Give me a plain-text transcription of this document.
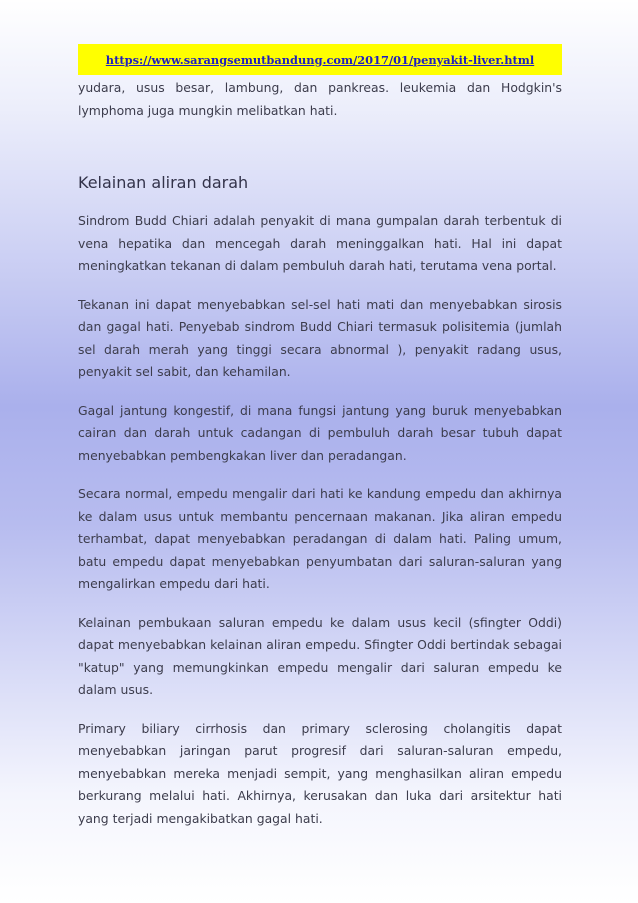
https://www.sarangsemutbandung.com/2017/01/penyakit-liver.html

yudara, usus besar, lambung, dan pankreas. leukemia dan Hodgkin's lymphoma juga mungkin melibatkan hati.

Kelainan aliran darah

Sindrom Budd Chiari adalah penyakit di mana gumpalan darah terbentuk di vena hepatika dan mencegah darah meninggalkan hati. Hal ini dapat meningkatkan tekanan di dalam pembuluh darah hati, terutama vena portal.

Tekanan ini dapat menyebabkan sel-sel hati mati dan menyebabkan sirosis dan gagal hati. Penyebab sindrom Budd Chiari termasuk polisitemia (jumlah sel darah merah yang tinggi secara abnormal ), penyakit radang usus, penyakit sel sabit, dan kehamilan.

Gagal jantung kongestif, di mana fungsi jantung yang buruk menyebabkan cairan dan darah untuk cadangan di pembuluh darah besar tubuh dapat menyebabkan pembengkakan liver dan peradangan.

Secara normal, empedu mengalir dari hati ke kandung empedu dan akhirnya ke dalam usus untuk membantu pencernaan makanan. Jika aliran empedu terhambat, dapat menyebabkan peradangan di dalam hati. Paling umum, batu empedu dapat menyebabkan penyumbatan dari saluran-saluran yang mengalirkan empedu dari hati.

Kelainan pembukaan saluran empedu ke dalam usus kecil (sfingter Oddi) dapat menyebabkan kelainan aliran empedu. Sfingter Oddi bertindak sebagai "katup" yang memungkinkan empedu mengalir dari saluran empedu ke dalam usus.

Primary biliary cirrhosis dan primary sclerosing cholangitis dapat menyebabkan jaringan parut progresif dari saluran-saluran empedu, menyebabkan mereka menjadi sempit, yang menghasilkan aliran empedu berkurang melalui hati. Akhirnya, kerusakan dan luka dari arsitektur hati yang terjadi mengakibatkan gagal hati.
